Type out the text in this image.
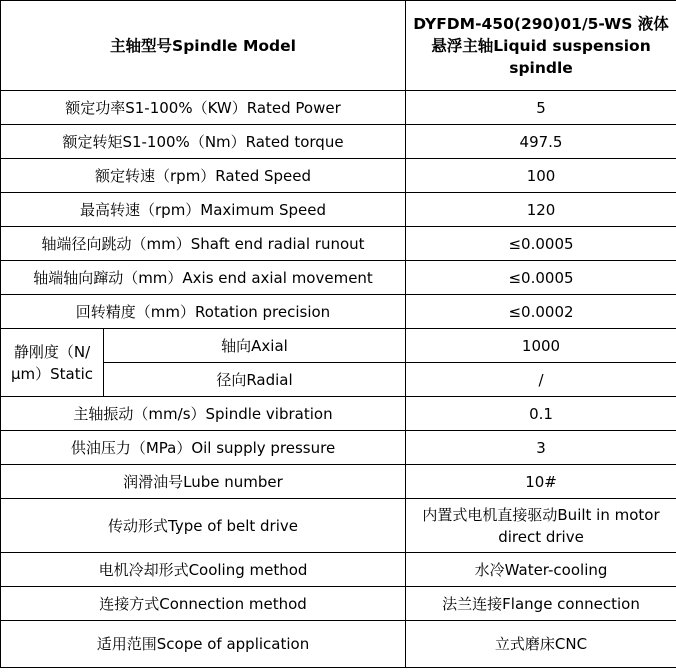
主轴型号Spindle Model		DYFDM-450(290)01/5-WS 液体悬浮主轴Liquid suspension spindle
额定功率S1-100%（KW）Rated Power		5
额定转矩S1-100%（Nm）Rated torque		497.5
额定转速（rpm）Rated Speed		100
最高转速（rpm）Maximum Speed		120
轴端径向跳动（mm）Shaft end radial runout		≤0.0005
轴端轴向蹿动（mm）Axis end axial movement		≤0.0005
回转精度（mm）Rotation precision		≤0.0002
静刚度（N/μm）Static	轴向Axial	1000
	径向Radial	/
主轴振动（mm/s）Spindle vibration		0.1
供油压力（MPa）Oil supply pressure		3
润滑油号Lube number		10#
传动形式Type of belt drive		内置式电机直接驱动Built in motor direct drive
电机冷却形式Cooling method		水冷Water-cooling
连接方式Connection method		法兰连接Flange connection
适用范围Scope of application		立式磨床CNC
